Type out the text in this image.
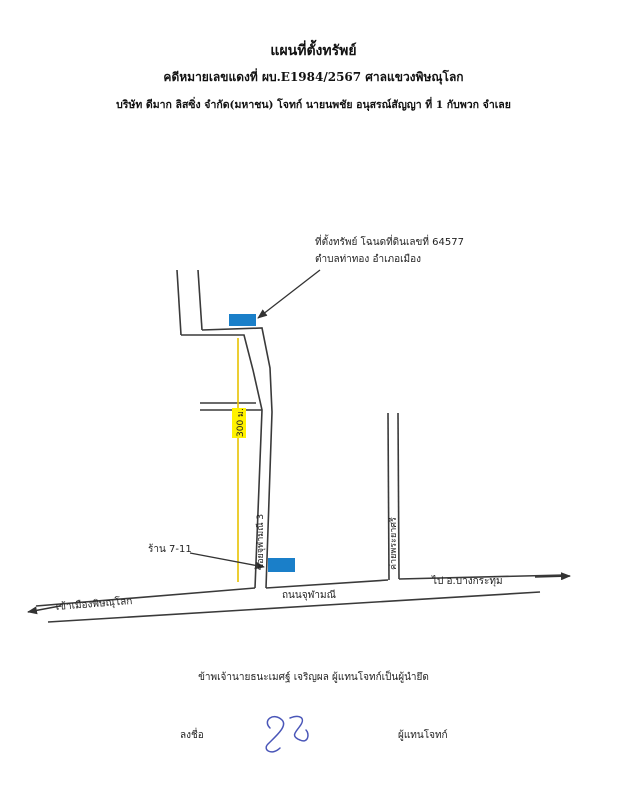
แผนที่ตั้งทรัพย์
คดีหมายเลขแดงที่ ผบ.E1984/2567 ศาลแขวงพิษณุโลก
บริษัท ดีมาก ลิสซิ่ง จำกัด(มหาชน) โจทก์ นายนพชัย อนุสรณ์สัญญา ที่ 1 กับพวก จำเลย
300 ม.
ที่ตั้งทรัพย์ โฉนดที่ดินเลขที่ 64577
ตำบลท่าทอง อำเภอเมือง
ร้าน 7-11	ซอยจุฬามณี 3	ค่ายพระยาศรี
ถนนจุฬามณี
เข้าเมืองพิษณุโลก
ไป อ.บางกระทุ่ม
ข้าพเจ้านายธนะเมศฐ์ เจริญผล ผู้แทนโจทก์เป็นผู้นำยึด
ลงชื่อ	ผู้แทนโจทก์
